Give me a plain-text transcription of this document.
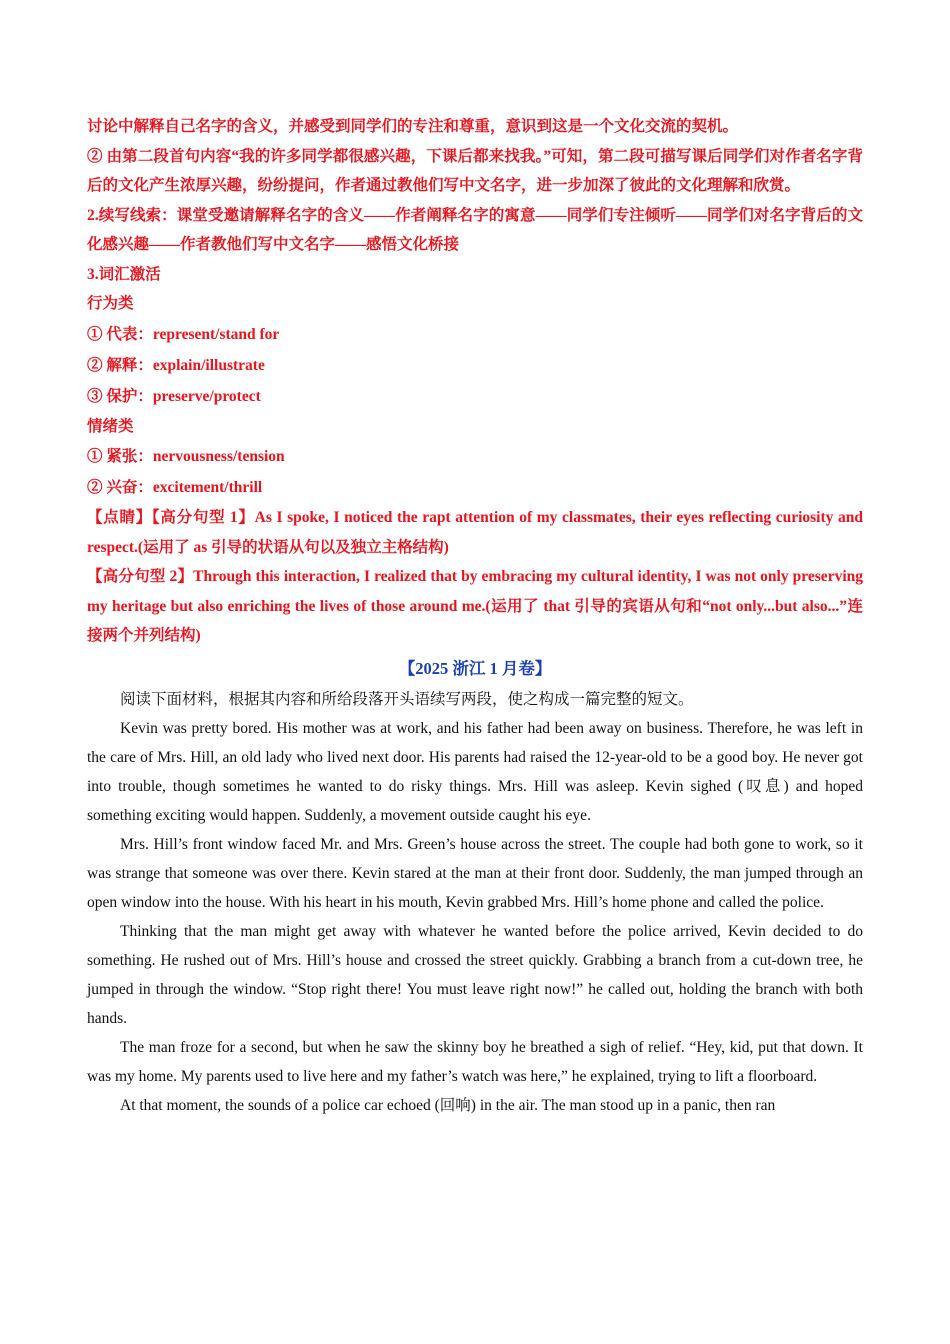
讨论中解释自己名字的含义，并感受到同学们的专注和尊重，意识到这是一个文化交流的契机。

② 由第二段首句内容“我的许多同学都很感兴趣，下课后都来找我。”可知，第二段可描写课后同学们对作者名字背后的文化产生浓厚兴趣，纷纷提问，作者通过教他们写中文名字，进一步加深了彼此的文化理解和欣赏。

2.续写线索：课堂受邀请解释名字的含义——作者阐释名字的寓意——同学们专注倾听——同学们对名字背后的文化感兴趣——作者教他们写中文名字——感悟文化桥接

3.词汇激活

行为类

① 代表：represent/stand for

② 解释：explain/illustrate

③ 保护：preserve/protect

情绪类

① 紧张：nervousness/tension

② 兴奋：excitement/thrill

【点睛】【高分句型 1】As I spoke, I noticed the rapt attention of my classmates, their eyes reflecting curiosity and respect.(运用了 as 引导的状语从句以及独立主格结构)

【高分句型 2】Through this interaction, I realized that by embracing my cultural identity, I was not only preserving my heritage but also enriching the lives of those around me.(运用了 that 引导的宾语从句和“not only...but also...”连接两个并列结构)

【2025 浙江 1 月卷】

阅读下面材料，根据其内容和所给段落开头语续写两段，使之构成一篇完整的短文。

Kevin was pretty bored. His mother was at work, and his father had been away on business. Therefore, he was left in the care of Mrs. Hill, an old lady who lived next door. His parents had raised the 12-year-old to be a good boy. He never got into trouble, though sometimes he wanted to do risky things. Mrs. Hill was asleep. Kevin sighed (叹息) and hoped something exciting would happen. Suddenly, a movement outside caught his eye.

Mrs. Hill’s front window faced Mr. and Mrs. Green’s house across the street. The couple had both gone to work, so it was strange that someone was over there. Kevin stared at the man at their front door. Suddenly, the man jumped through an open window into the house. With his heart in his mouth, Kevin grabbed Mrs. Hill’s home phone and called the police.

Thinking that the man might get away with whatever he wanted before the police arrived, Kevin decided to do something. He rushed out of Mrs. Hill’s house and crossed the street quickly. Grabbing a branch from a cut-down tree, he jumped in through the window. “Stop right there! You must leave right now!” he called out, holding the branch with both hands.

The man froze for a second, but when he saw the skinny boy he breathed a sigh of relief. “Hey, kid, put that down. It was my home. My parents used to live here and my father’s watch was here,” he explained, trying to lift a floorboard.

At that moment, the sounds of a police car echoed (回响) in the air. The man stood up in a panic, then ran
